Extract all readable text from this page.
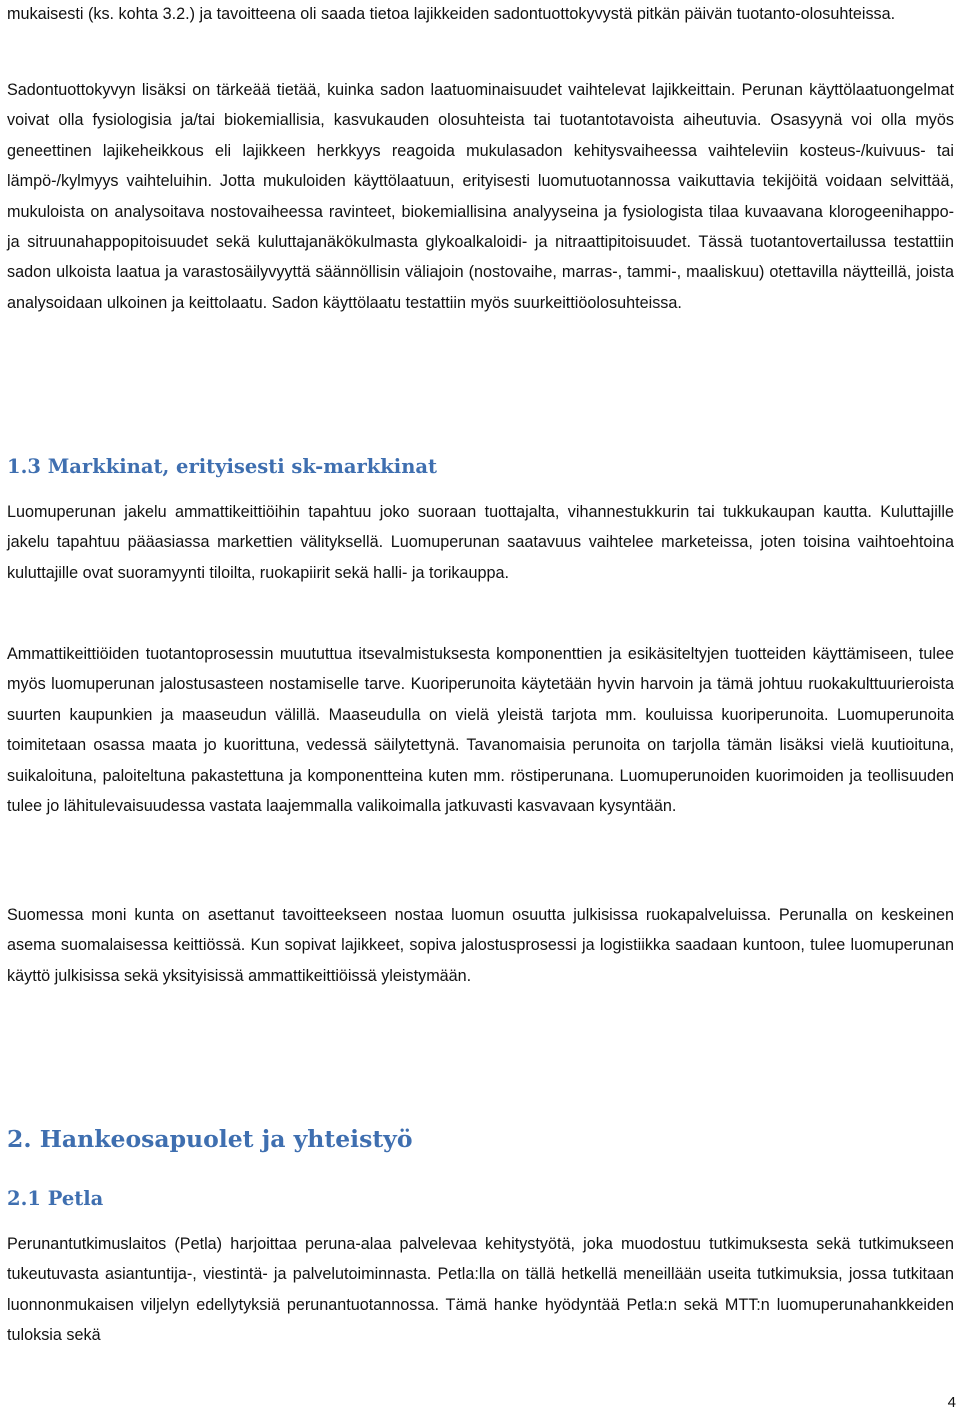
mukaisesti (ks. kohta 3.2.) ja tavoitteena oli saada tietoa lajikkeiden sadontuottokyvystä pitkän päivän tuotanto-olosuhteissa.

Sadontuottokyvyn lisäksi on tärkeää tietää, kuinka sadon laatuominaisuudet vaihtelevat lajikkeittain. Perunan käyttölaatuongelmat voivat olla fysiologisia ja/tai biokemiallisia, kasvukauden olosuhteista tai tuotantotavoista aiheutuvia. Osasyynä voi olla myös geneettinen lajikeheikkous eli lajikkeen herkkyys reagoida mukulasadon kehitysvaiheessa vaihteleviin kosteus-/kuivuus- tai lämpö-/kylmyys vaihteluihin. Jotta mukuloiden käyttölaatuun, erityisesti luomutuotannossa vaikuttavia tekijöitä voidaan selvittää, mukuloista on analysoitava nostovaiheessa ravinteet, biokemiallisina analyyseina ja fysiologista tilaa kuvaavana klorogeenihappo- ja sitruunahappopitoisuudet sekä kuluttajanäkökulmasta glykoalkaloidi- ja nitraattipitoisuudet. Tässä tuotantovertailussa testattiin sadon ulkoista laatua ja varastosäilyvyyttä säännöllisin väliajoin (nostovaihe, marras-, tammi-, maaliskuu) otettavilla näytteillä, joista analysoidaan ulkoinen ja keittolaatu. Sadon käyttölaatu testattiin myös suurkeittiöolosuhteissa.

1.3 Markkinat, erityisesti sk-markkinat

Luomuperunan jakelu ammattikeittiöihin tapahtuu joko suoraan tuottajalta, vihannestukkurin tai tukkukaupan kautta. Kuluttajille jakelu tapahtuu pääasiassa markettien välityksellä. Luomuperunan saatavuus vaihtelee marketeissa, joten toisina vaihtoehtoina kuluttajille ovat suoramyynti tiloilta, ruokapiirit sekä halli- ja torikauppa.

Ammattikeittiöiden tuotantoprosessin muututtua itsevalmistuksesta komponenttien ja esikäsiteltyjen tuotteiden käyttämiseen, tulee myös luomuperunan jalostusasteen nostamiselle tarve. Kuoriperunoita käytetään hyvin harvoin ja tämä johtuu ruokakulttuurieroista suurten kaupunkien ja maaseudun välillä. Maaseudulla on vielä yleistä tarjota mm. kouluissa kuoriperunoita. Luomuperunoita toimitetaan osassa maata jo kuorittuna, vedessä säilytettynä. Tavanomaisia perunoita on tarjolla tämän lisäksi vielä kuutioituna, suikaloituna, paloiteltuna pakastettuna ja komponentteina kuten mm. röstiperunana. Luomuperunoiden kuorimoiden ja teollisuuden tulee jo lähitulevaisuudessa vastata laajemmalla valikoimalla jatkuvasti kasvavaan kysyntään.

Suomessa moni kunta on asettanut tavoitteekseen nostaa luomun osuutta julkisissa ruokapalveluissa. Perunalla on keskeinen asema suomalaisessa keittiössä. Kun sopivat lajikkeet, sopiva jalostusprosessi ja logistiikka saadaan kuntoon, tulee luomuperunan käyttö julkisissa sekä yksityisissä ammattikeittiöissä yleistymään.

2. Hankeosapuolet ja yhteistyö
2.1 Petla

Perunantutkimuslaitos (Petla) harjoittaa peruna-alaa palvelevaa kehitystyötä, joka muodostuu tutkimuksesta sekä tutkimukseen tukeutuvasta asiantuntija-, viestintä- ja palvelutoiminnasta. Petla:lla on tällä hetkellä meneillään useita tutkimuksia, jossa tutkitaan luonnonmukaisen viljelyn edellytyksiä perunantuotannossa. Tämä hanke hyödyntää Petla:n sekä MTT:n luomuperunahankkeiden tuloksia sekä

4
